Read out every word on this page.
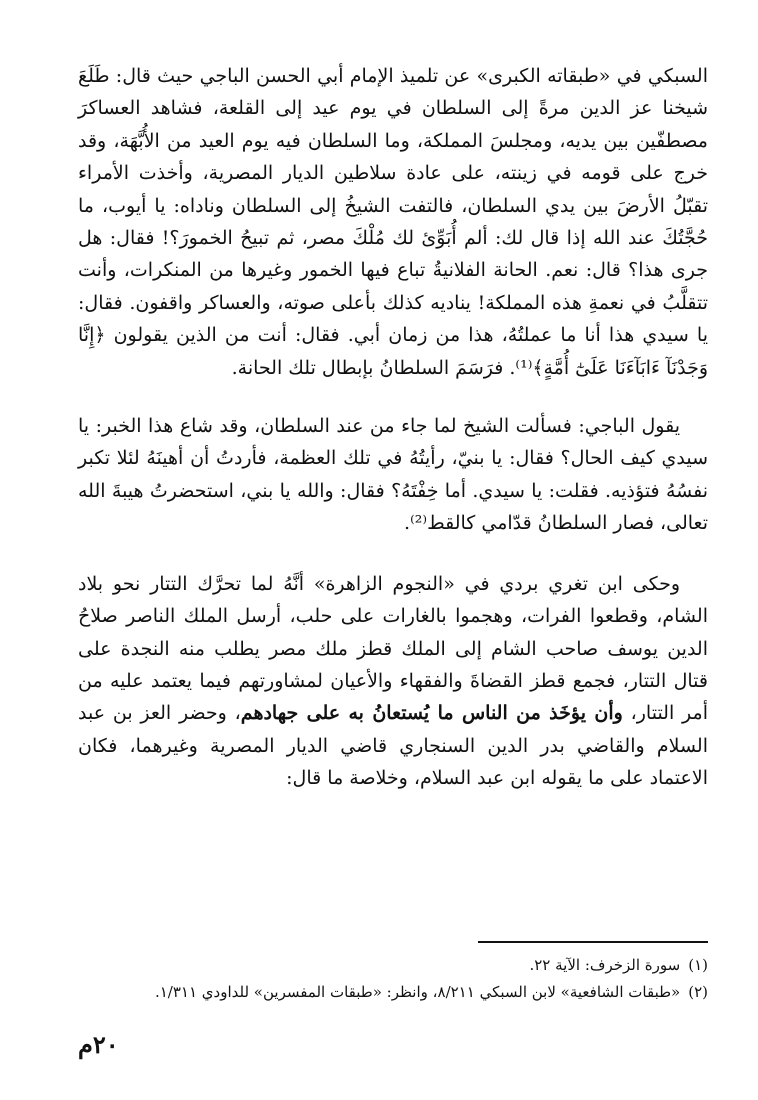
السبكي في «طبقاته الكبرى» عن تلميذ الإمام أبي الحسن الباجي حيث قال: طَلَعَ شيخنا عز الدين مرةً إلى السلطان في يوم عيد إلى القلعة، فشاهد العساكرَ مصطفّين بين يديه، ومجلسَ المملكة، وما السلطان فيه يوم العيد من الأُبَّهَة، وقد خرج على قومه في زينته، على عادة سلاطين الديار المصرية، وأخذت الأمراء تقبّلُ الأرضَ بين يدي السلطان، فالتفت الشيخُ إلى السلطان وناداه: يا أيوب، ما حُجَّتُكَ عند الله إذا قال لك: ألم أُبَوِّئ لك مُلْكَ مصر، ثم تبيحُ الخمورَ؟! فقال: هل جرى هذا؟ قال: نعم. الحانة الفلانيةُ تباع فيها الخمور وغيرها من المنكرات، وأنت تتقلَّبُ في نعمةِ هذه المملكة! يناديه كذلك بأعلى صوته، والعساكر واقفون. فقال: يا سيدي هذا أنا ما عملتُهُ، هذا من زمان أبي. فقال: أنت من الذين يقولون ﴿إِنَّا وَجَدْنَآ ءَابَآءَنَا عَلَىٰٓ أُمَّةٍ﴾⁽¹⁾. فرَسَمَ السلطانُ بإبطال تلك الحانة.

يقول الباجي: فسألت الشيخ لما جاء من عند السلطان، وقد شاع هذا الخبر: يا سيدي كيف الحال؟ فقال: يا بنيّ، رأيتُهُ في تلك العظمة، فأردتُ أن أهينَهُ لئلا تكبر نفسُهُ فتؤذيه. فقلت: يا سيدي. أما خِفْتَهُ؟ فقال: والله يا بني، استحضرتُ هيبةَ الله تعالى، فصار السلطانُ قدّامي كالقط⁽²⁾.

وحكى ابن تغري بردي في «النجوم الزاهرة» أنَّهُ لما تحرَّك التتار نحو بلاد الشام، وقطعوا الفرات، وهجموا بالغارات على حلب، أرسل الملك الناصر صلاحُ الدين يوسف صاحب الشام إلى الملك قطز ملك مصر يطلب منه النجدة على قتال التتار، فجمع قطز القضاةَ والفقهاء والأعيان لمشاورتهم فيما يعتمد عليه من أمر التتار، وأن يؤخَذ من الناس ما يُستعانُ به على جهادهم، وحضر العز بن عبد السلام والقاضي بدر الدين السنجاري قاضي الديار المصرية وغيرهما، فكان الاعتماد على ما يقوله ابن عبد السلام، وخلاصة ما قال:

(١)سورة الزخرف: الآية ٢٢.
(٢)«طبقات الشافعية» لابن السبكي ٨/٢١١، وانظر: «طبقات المفسرين» للداودي ١/٣١١.
٢٠م
